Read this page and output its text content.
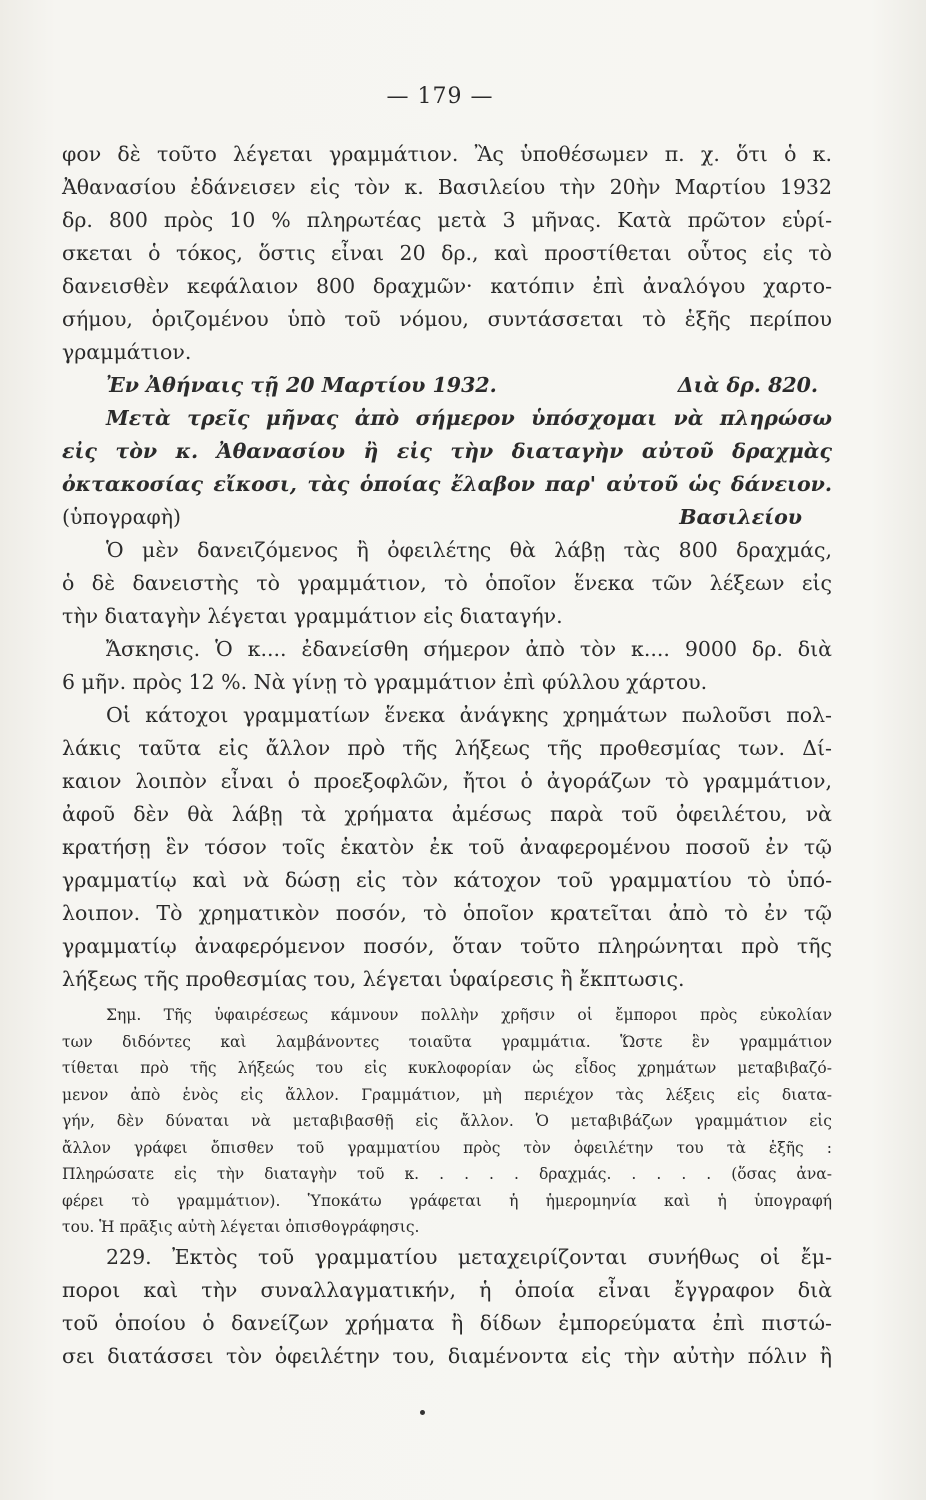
— 179 —
φον δὲ τοῦτο λέγεται γραμμάτιον. Ἂς ὑποθέσωμεν π. χ. ὅτι ὁ κ.
Ἀθανασίου ἐδάνεισεν εἰς τὸν κ. Βασιλείου τὴν 20ὴν Μαρτίου 1932
δρ. 800 πρὸς 10 % πληρωτέας μετὰ 3 μῆνας. Κατὰ πρῶτον εὑρί-
σκεται ὁ τόκος, ὅστις εἶναι 20 δρ., καὶ προστίθεται οὗτος εἰς τὸ
δανεισθὲν κεφάλαιον 800 δραχμῶν· κατόπιν ἐπὶ ἀναλόγου χαρτο-
σήμου, ὁριζομένου ὑπὸ τοῦ νόμου, συντάσσεται τὸ ἑξῆς περίπου
γραμμάτιον.
Ἐν Ἀθήναις τῇ 20 Μαρτίου 1932.	Διὰ δρ. 820.
Μετὰ τρεῖς μῆνας ἀπὸ σήμερον ὑπόσχομαι νὰ πληρώσω
εἰς τὸν κ. Ἀθανασίου ἢ εἰς τὴν διαταγὴν αὐτοῦ δραχμὰς
ὀκτακοσίας εἴκοσι, τὰς ὁποίας ἔλαβον παρ' αὐτοῦ ὡς δάνειον.
(ὑπογραφὴ)	Βασιλείου
Ὁ μὲν δανειζόμενος ἢ ὀφειλέτης θὰ λάβῃ τὰς 800 δραχμάς,
ὁ δὲ δανειστὴς τὸ γραμμάτιον, τὸ ὁποῖον ἕνεκα τῶν λέξεων εἰς
τὴν διαταγὴν λέγεται γραμμάτιον εἰς διαταγήν.
Ἄσκησις. Ὁ κ.... ἐδανείσθη σήμερον ἀπὸ τὸν κ.... 9000 δρ. διὰ
6 μῆν. πρὸς 12 %. Νὰ γίνῃ τὸ γραμμάτιον ἐπὶ φύλλου χάρτου.
Οἱ κάτοχοι γραμματίων ἕνεκα ἀνάγκης χρημάτων πωλοῦσι πολ-
λάκις ταῦτα εἰς ἄλλον πρὸ τῆς λήξεως τῆς προθεσμίας των. Δί-
καιον λοιπὸν εἶναι ὁ προεξοφλῶν, ἤτοι ὁ ἀγοράζων τὸ γραμμάτιον,
ἀφοῦ δὲν θὰ λάβῃ τὰ χρήματα ἀμέσως παρὰ τοῦ ὀφειλέτου, νὰ
κρατήσῃ ἓν τόσον τοῖς ἑκατὸν ἐκ τοῦ ἀναφερομένου ποσοῦ ἐν τῷ
γραμματίῳ καὶ νὰ δώσῃ εἰς τὸν κάτοχον τοῦ γραμματίου τὸ ὑπό-
λοιπον. Τὸ χρηματικὸν ποσόν, τὸ ὁποῖον κρατεῖται ἀπὸ τὸ ἐν τῷ
γραμματίῳ ἀναφερόμενον ποσόν, ὅταν τοῦτο πληρώνηται πρὸ τῆς
λήξεως τῆς προθεσμίας του, λέγεται ὑφαίρεσις ἢ ἔκπτωσις.
Σημ. Τῆς ὑφαιρέσεως κάμνουν πολλὴν χρῆσιν οἱ ἔμποροι πρὸς εὐκολίαν
των διδόντες καὶ λαμβάνοντες τοιαῦτα γραμμάτια. Ὥστε ἓν γραμμάτιον
τίθεται πρὸ τῆς λήξεώς του εἰς κυκλοφορίαν ὡς εἶδος χρημάτων μεταβιβαζό-
μενον ἀπὸ ἑνὸς εἰς ἄλλον. Γραμμάτιον, μὴ περιέχον τὰς λέξεις εἰς διατα-
γήν, δὲν δύναται νὰ μεταβιβασθῇ εἰς ἄλλον. Ὁ μεταβιβάζων γραμμάτιον εἰς
ἄλλον γράφει ὄπισθεν τοῦ γραμματίου πρὸς τὸν ὀφειλέτην του τὰ ἑξῆς :
Πληρώσατε εἰς τὴν διαταγὴν τοῦ κ. . . . . δραχμάς. . . . . (ὅσας ἀνα-
φέρει τὸ γραμμάτιον). Ὑποκάτω γράφεται ἡ ἡμερομηνία καὶ ἡ ὑπογραφή
του. Ἡ πρᾶξις αὐτὴ λέγεται ὀπισθογράφησις.
229. Ἐκτὸς τοῦ γραμματίου μεταχειρίζονται συνήθως οἱ ἔμ-
ποροι καὶ τὴν συναλλαγματικήν, ἡ ὁποία εἶναι ἔγγραφον διὰ
τοῦ ὁποίου ὁ δανείζων χρήματα ἢ δίδων ἐμπορεύματα ἐπὶ πιστώ-
σει διατάσσει τὸν ὀφειλέτην του, διαμένοντα εἰς τὴν αὐτὴν πόλιν ἢ
